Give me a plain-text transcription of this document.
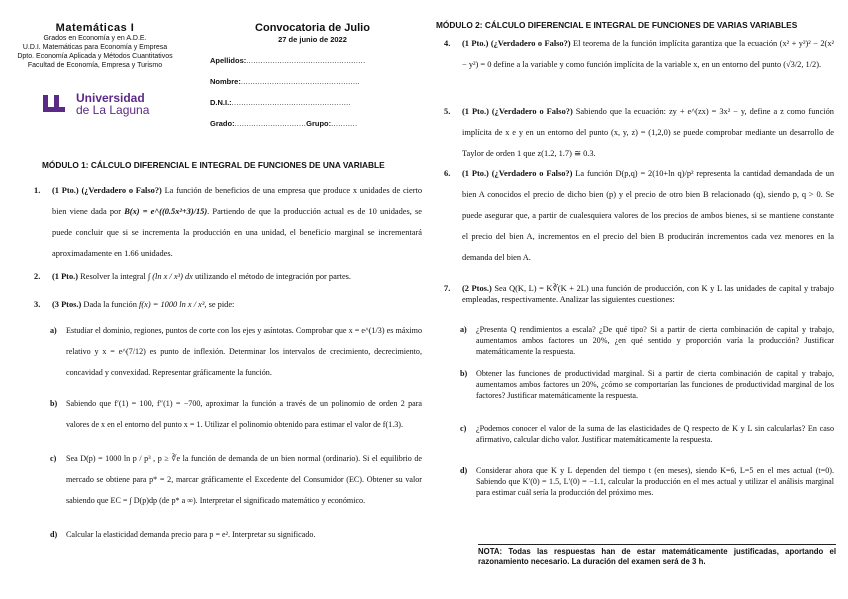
Matemáticas I
Grados en Economía y en A.D.E.
U.D.I. Matemáticas para Economía y Empresa
Dpto. Economía Aplicada y Métodos Cuantitativos
Facultad de Economía, Empresa y Turismo
Universidad
de La Laguna
Convocatoria de Julio
27 de junio de 2022
Apellidos:..................................................
Nombre:..................................................
D.N.I.:..................................................
Grado:..............................Grupo:...........
MÓDULO 1: CÁLCULO DIFERENCIAL E INTEGRAL DE FUNCIONES DE UNA VARIABLE
1. (1 Pto.) (¿Verdadero o Falso?) La función de beneficios de una empresa que produce x unidades de cierto bien viene dada por B(x) = e^((0.5x²+3)/15). Partiendo de que la producción actual es de 10 unidades, se puede concluir que si se incrementa la producción en una unidad, el beneficio marginal se incrementará aproximadamente en 1.66 unidades.
2. (1 Pto.) Resolver la integral ∫ (ln x / x³) dx utilizando el método de integración por partes.
3. (3 Ptos.) Dada la función f(x) = 1000 ln x / x³, se pide:
a) Estudiar el dominio, regiones, puntos de corte con los ejes y asíntotas. Comprobar que x = e^(1/3) es máximo relativo y x = e^(7/12) es punto de inflexión. Determinar los intervalos de crecimiento, decrecimiento, concavidad y convexidad. Representar gráficamente la función.
b) Sabiendo que f′(1) = 100, f″(1) = −700, aproximar la función a través de un polinomio de orden 2 para valores de x en el entorno del punto x = 1. Utilizar el polinomio obtenido para estimar el valor de f(1.3).
c) Sea D(p) = 1000 ln p / p³ , p ≥ ∛e la función de demanda de un bien normal (ordinario). Si el equilibrio de mercado se obtiene para p* = 2, marcar gráficamente el Excedente del Consumidor (EC). Obtener su valor sabiendo que EC = ∫ D(p)dp (de p* a ∞). Interpretar el significado matemático y económico.
d) Calcular la elasticidad demanda precio para p = e². Interpretar su significado.
MÓDULO 2: CÁLCULO DIFERENCIAL E INTEGRAL DE FUNCIONES DE VARIAS VARIABLES
4. (1 Pto.) (¿Verdadero o Falso?) El teorema de la función implícita garantiza que la ecuación (x² + y²)² − 2(x² − y²) = 0 define a la variable y como función implícita de la variable x, en un entorno del punto (√3/2, 1/2).
5. (1 Pto.) (¿Verdadero o Falso?) Sabiendo que la ecuación: zy + e^(zx) = 3x² − y, define a z como función implícita de x e y en un entorno del punto (x, y, z) = (1,2,0) se puede comprobar mediante un desarrollo de Taylor de orden 1 que z(1.2, 1.7) ≅ 0.3.
6. (1 Pto.) (¿Verdadero o Falso?) La función D(p,q) = 2(10+ln q)/p² representa la cantidad demandada de un bien A conocidos el precio de dicho bien (p) y el precio de otro bien B relacionado (q), siendo p, q > 0. Se puede asegurar que, a partir de cualesquiera valores de los precios de ambos bienes, si se mantiene constante el precio del bien A, incrementos en el precio del bien B producirán incrementos cada vez menores en la demanda del bien A.
7. (2 Ptos.) Sea Q(K, L) = K∛(K + 2L) una función de producción, con K y L las unidades de capital y trabajo empleadas, respectivamente. Analizar las siguientes cuestiones:
a) ¿Presenta Q rendimientos a escala? ¿De qué tipo? Si a partir de cierta combinación de capital y trabajo, aumentamos ambos factores un 20%, ¿en qué sentido y proporción varía la producción? Justificar matemáticamente la respuesta.
b) Obtener las funciones de productividad marginal. Si a partir de cierta combinación de capital y trabajo, aumentamos ambos factores un 20%, ¿cómo se comportarían las funciones de productividad marginal de los factores? Justificar matemáticamente la respuesta.
c) ¿Podemos conocer el valor de la suma de las elasticidades de Q respecto de K y L sin calcularlas? En caso afirmativo, calcular dicho valor. Justificar matemáticamente la respuesta.
d) Considerar ahora que K y L dependen del tiempo t (en meses), siendo K=6, L=5 en el mes actual (t=0). Sabiendo que K′(0) = 1.5, L′(0) = −1.1, calcular la producción en el mes actual y utilizar el análisis marginal para estimar cuál sería la producción del próximo mes.
NOTA: Todas las respuestas han de estar matemáticamente justificadas, aportando el razonamiento necesario. La duración del examen será de 3 h.
